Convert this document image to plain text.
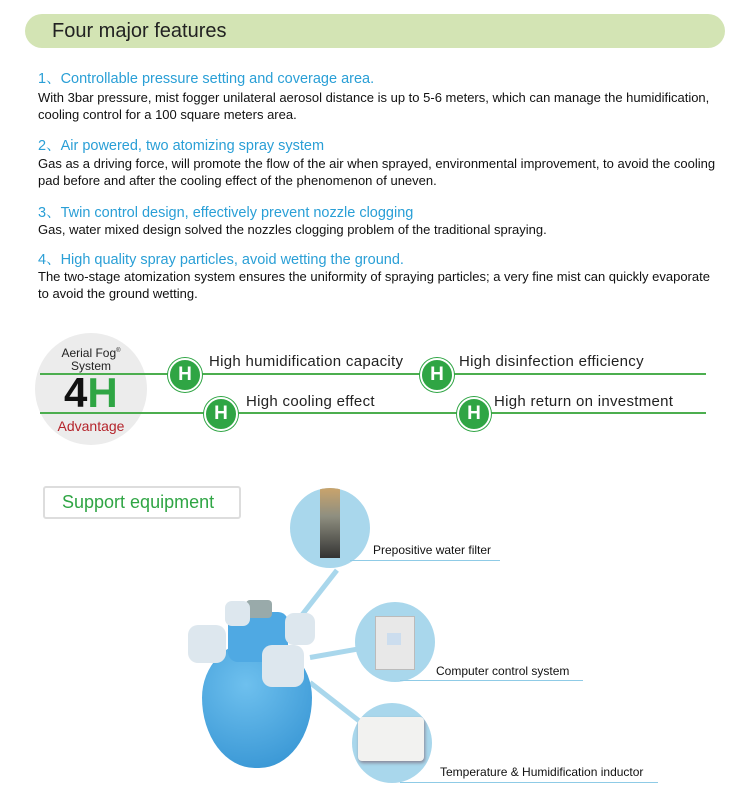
Four major features
1、Controllable pressure setting and coverage area.
With 3bar pressure, mist fogger unilateral aerosol distance is up to 5-6 meters, which can manage the humidification, cooling control for a 100 square meters area.
2、Air powered, two atomizing spray system
Gas as a driving force, will promote the flow of the air when sprayed, environmental improvement, to avoid the cooling pad before and after the cooling effect of the phenomenon of uneven.
3、Twin control design, effectively prevent nozzle clogging
Gas, water mixed design solved the nozzles clogging problem of the traditional spraying.
4、High quality spray particles, avoid wetting the ground.
The two-stage atomization system ensures the uniformity of spraying particles; a very fine mist can quickly evaporate to avoid the ground wetting.
Aerial Fog®
System
4H
Advantage
H
High humidification capacity
H
High disinfection efficiency
H
High cooling effect
H
High return on investment
Support equipment
Prepositive water filter
Computer control system
Temperature & Humidification inductor
